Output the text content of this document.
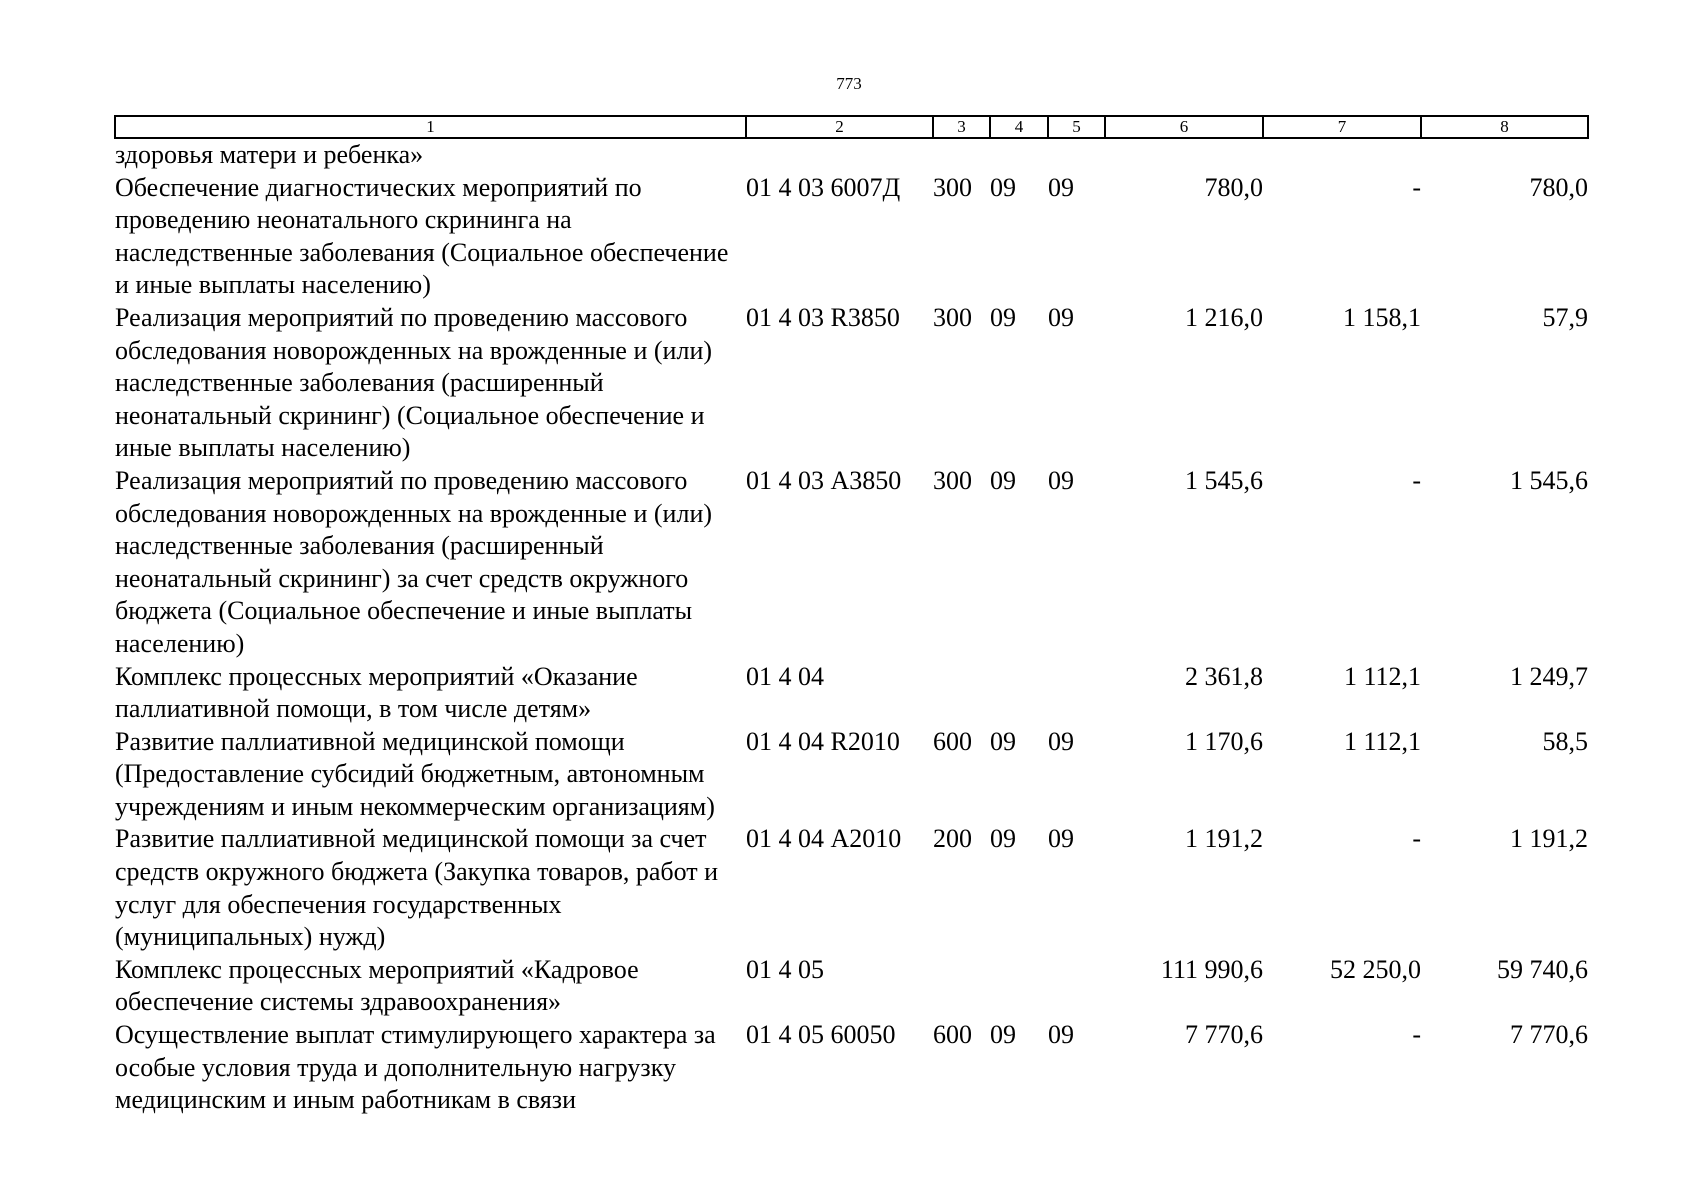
773
1	2	3	4	5	6	7	8
здоровья матери и ребенка»							
Обеспечение диагностических мероприятий по проведению неонатального скрининга на наследственные заболевания (Социальное обеспечение и иные выплаты населению)	01 4 03 6007Д	300	09	09	780,0	-	780,0
Реализация мероприятий по проведению массового обследования новорожденных на врожденные и (или) наследственные заболевания (расширенный неонатальный скрининг) (Социальное обеспечение и иные выплаты населению)	01 4 03 R3850	300	09	09	1 216,0	1 158,1	57,9
Реализация мероприятий по проведению массового обследования новорожденных на врожденные и (или) наследственные заболевания (расширенный неонатальный скрининг) за счет средств окружного бюджета (Социальное обеспечение и иные выплаты населению)	01 4 03 А3850	300	09	09	1 545,6	-	1 545,6
Комплекс процессных мероприятий «Оказание паллиативной помощи, в том числе детям»	01 4 04				2 361,8	1 112,1	1 249,7
Развитие паллиативной медицинской помощи (Предоставление субсидий бюджетным, автономным учреждениям и иным некоммерческим организациям)	01 4 04 R2010	600	09	09	1 170,6	1 112,1	58,5
Развитие паллиативной медицинской помощи за счет средств окружного бюджета (Закупка товаров, работ и услуг для обеспечения государственных (муниципальных) нужд)	01 4 04 А2010	200	09	09	1 191,2	-	1 191,2
Комплекс процессных мероприятий «Кадровое обеспечение системы здравоохранения»	01 4 05				111 990,6	52 250,0	59 740,6
Осуществление выплат стимулирующего характера за особые условия труда и дополнительную нагрузку медицинским и иным работникам в связи	01 4 05 60050	600	09	09	7 770,6	-	7 770,6
